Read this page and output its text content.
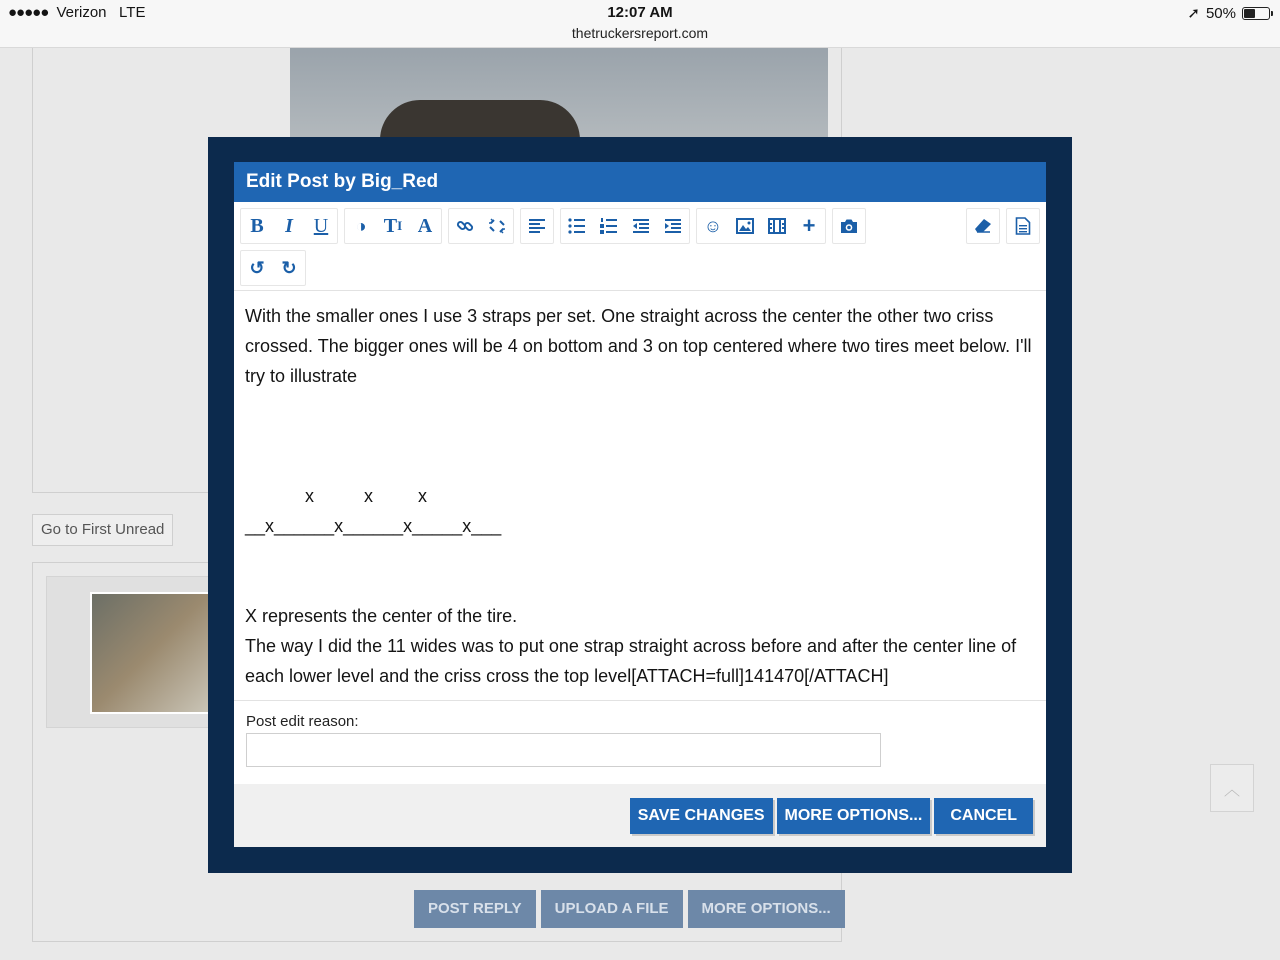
●●●●● Verizon LTE	12:07 AM
thetruckersreport.com
➚ 50%
Go to First Unread
POST REPLY	UPLOAD A FILE	MORE OPTIONS...
︿
Edit Post by Big_Red
B	I	U	◑ T I A	☺	+
↺ ↻

With the smaller ones I use 3 straps per set. One straight across the center the other two criss crossed. The bigger ones will be 4 on bottom and 3 on top centered where two tires meet below. I'll try to illustrate

x          x         x

__x______x______x_____x___

X represents the center of the tire.

The way I did the 11 wides was to put one strap straight across before and after the center line of each lower level and the criss cross the top level[ATTACH=full]141470[/ATTACH]

Post edit reason:
SAVE CHANGES	MORE OPTIONS...	CANCEL
